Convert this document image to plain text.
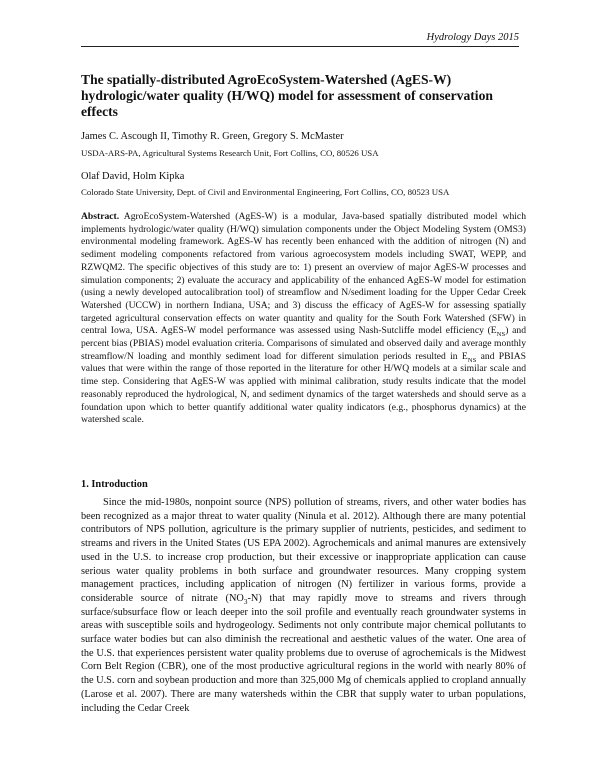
Hydrology Days 2015
The spatially-distributed AgroEcoSystem-Watershed (AgES-W) hydrologic/water quality (H/WQ) model for assessment of conservation effects
James C. Ascough II, Timothy R. Green, Gregory S. McMaster
USDA-ARS-PA, Agricultural Systems Research Unit, Fort Collins, CO, 80526 USA
Olaf David, Holm Kipka
Colorado State University, Dept. of Civil and Environmental Engineering, Fort Collins, CO, 80523 USA

Abstract. AgroEcoSystem-Watershed (AgES-W) is a modular, Java-based spatially distributed model which implements hydrologic/water quality (H/WQ) simulation components under the Object Modeling System (OMS3) environmental modeling framework. AgES-W has recently been enhanced with the addition of nitrogen (N) and sediment modeling components refactored from various agroecosystem models including SWAT, WEPP, and RZWQM2. The specific objectives of this study are to: 1) present an overview of major AgES-W processes and simulation components; 2) evaluate the accuracy and applicability of the enhanced AgES-W model for estimation (using a newly developed autocalibration tool) of streamflow and N/sediment loading for the Upper Cedar Creek Watershed (UCCW) in northern Indiana, USA; and 3) discuss the efficacy of AgES-W for assessing spatially targeted agricultural conservation effects on water quantity and quality for the South Fork Watershed (SFW) in central Iowa, USA. AgES-W model performance was assessed using Nash-Sutcliffe model efficiency $(E_{NS})$ and percent bias (PBIAS) model evaluation criteria. Comparisons of simulated and observed daily and average monthly streamflow/N loading and monthly sediment load for different simulation periods resulted in $E_{NS}$ and PBIAS values that were within the range of those reported in the literature for other H/WQ models at a similar scale and time step. Considering that AgES-W was applied with minimal calibration, study results indicate that the model reasonably reproduced the hydrological, N, and sediment dynamics of the target watersheds and should serve as a foundation upon which to better quantify additional water quality indicators (e.g., phosphorus dynamics) at the watershed scale.

1. Introduction

Since the mid-1980s, nonpoint source (NPS) pollution of streams, rivers, and other water bodies has been recognized as a major threat to water quality (Ninula et al. 2012). Although there are many potential contributors of NPS pollution, agriculture is the primary supplier of nutrients, pesticides, and sediment to streams and rivers in the United States (US EPA 2002). Agrochemicals and animal manures are extensively used in the U.S. to increase crop production, but their excessive or inappropriate application can cause serious water quality problems in both surface and groundwater resources. Many cropping system management practices, including application of nitrogen (N) fertilizer in various forms, provide a considerable source of nitrate $(NO_3-N)$ that may rapidly move to streams and rivers through surface/subsurface flow or leach deeper into the soil profile and eventually reach groundwater systems in areas with susceptible soils and hydrogeology. Sediments not only contribute major chemical pollutants to surface water bodies but can also diminish the recreational and aesthetic values of the water. One area of the U.S. that experiences persistent water quality problems due to overuse of agrochemicals is the Midwest Corn Belt Region (CBR), one of the most productive agricultural regions in the world with nearly 80% of the U.S. corn and soybean production and more than 325,000 Mg of chemicals applied to cropland annually (Larose et al. 2007). There are many watersheds within the CBR that supply water to urban populations, including the Cedar Creek
